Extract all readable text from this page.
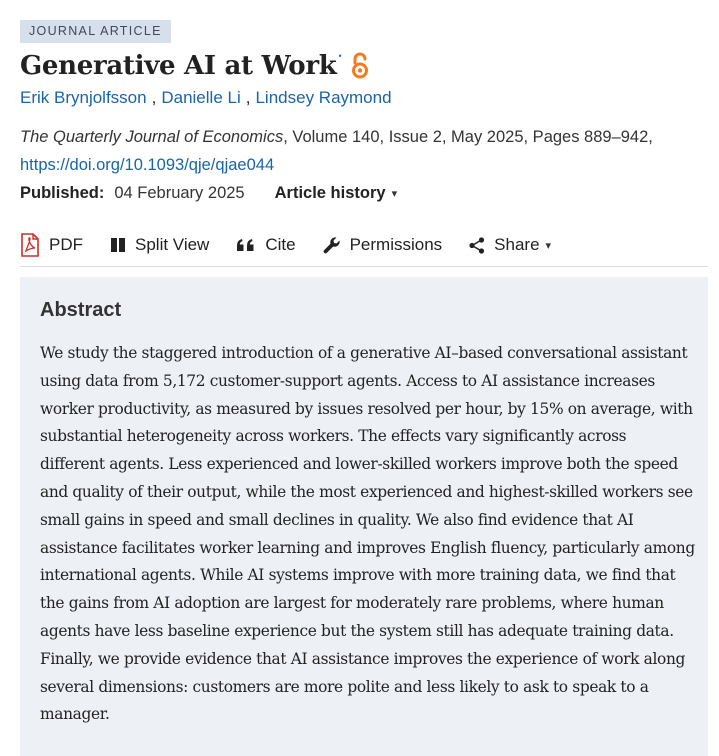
JOURNAL ARTICLE
Generative AI at Work •
Erik Brynjolfsson , Danielle Li , Lindsey Raymond
The Quarterly Journal of Economics, Volume 140, Issue 2, May 2025, Pages 889–942,
https://doi.org/10.1093/qje/qjae044
Published: 04 February 2025 Article history ▾
PDF	Split View	Cite	Permissions	Share ▾
Abstract

We study the staggered introduction of a generative AI–based conversational assistant using data from 5,172 customer-support agents. Access to AI assistance increases worker productivity, as measured by issues resolved per hour, by 15% on average, with substantial heterogeneity across workers. The effects vary significantly across different agents. Less experienced and lower-skilled workers improve both the speed and quality of their output, while the most experienced and highest-skilled workers see small gains in speed and small declines in quality. We also find evidence that AI assistance facilitates worker learning and improves English fluency, particularly among international agents. While AI systems improve with more training data, we find that the gains from AI adoption are largest for moderately rare problems, where human agents have less baseline experience but the system still has adequate training data. Finally, we provide evidence that AI assistance improves the experience of work along several dimensions: customers are more polite and less likely to ask to speak to a manager.
